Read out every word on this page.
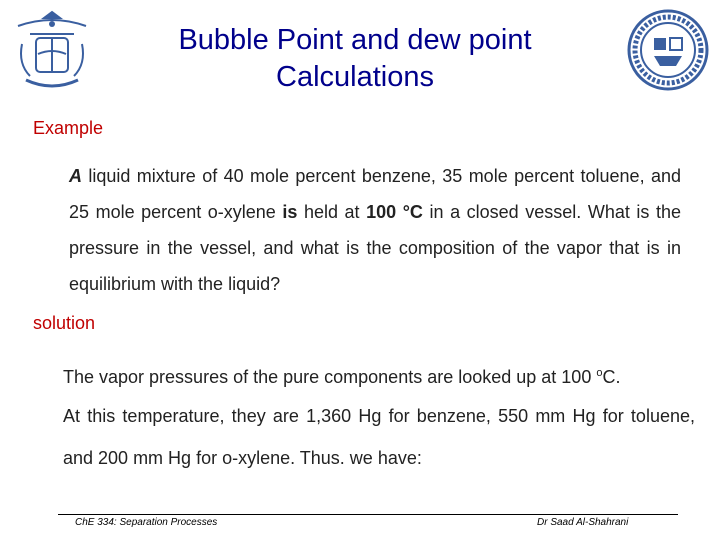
Bubble Point and dew point
Calculations
Example
A liquid mixture of 40 mole percent benzene, 35 mole percent toluene, and 25 mole percent o-xylene is held at 100 °C in a closed vessel. What is the pressure in the vessel, and what is the composition of the vapor that is in equilibrium with the liquid?
solution
The vapor pressures of the pure components are looked up at 100 $^o$C.
At this temperature, they are 1,360 Hg for benzene, 550 mm Hg for toluene, and 200 mm Hg for o-xylene. Thus. we have:
ChE 334: Separation Processes	Dr Saad Al-Shahrani
